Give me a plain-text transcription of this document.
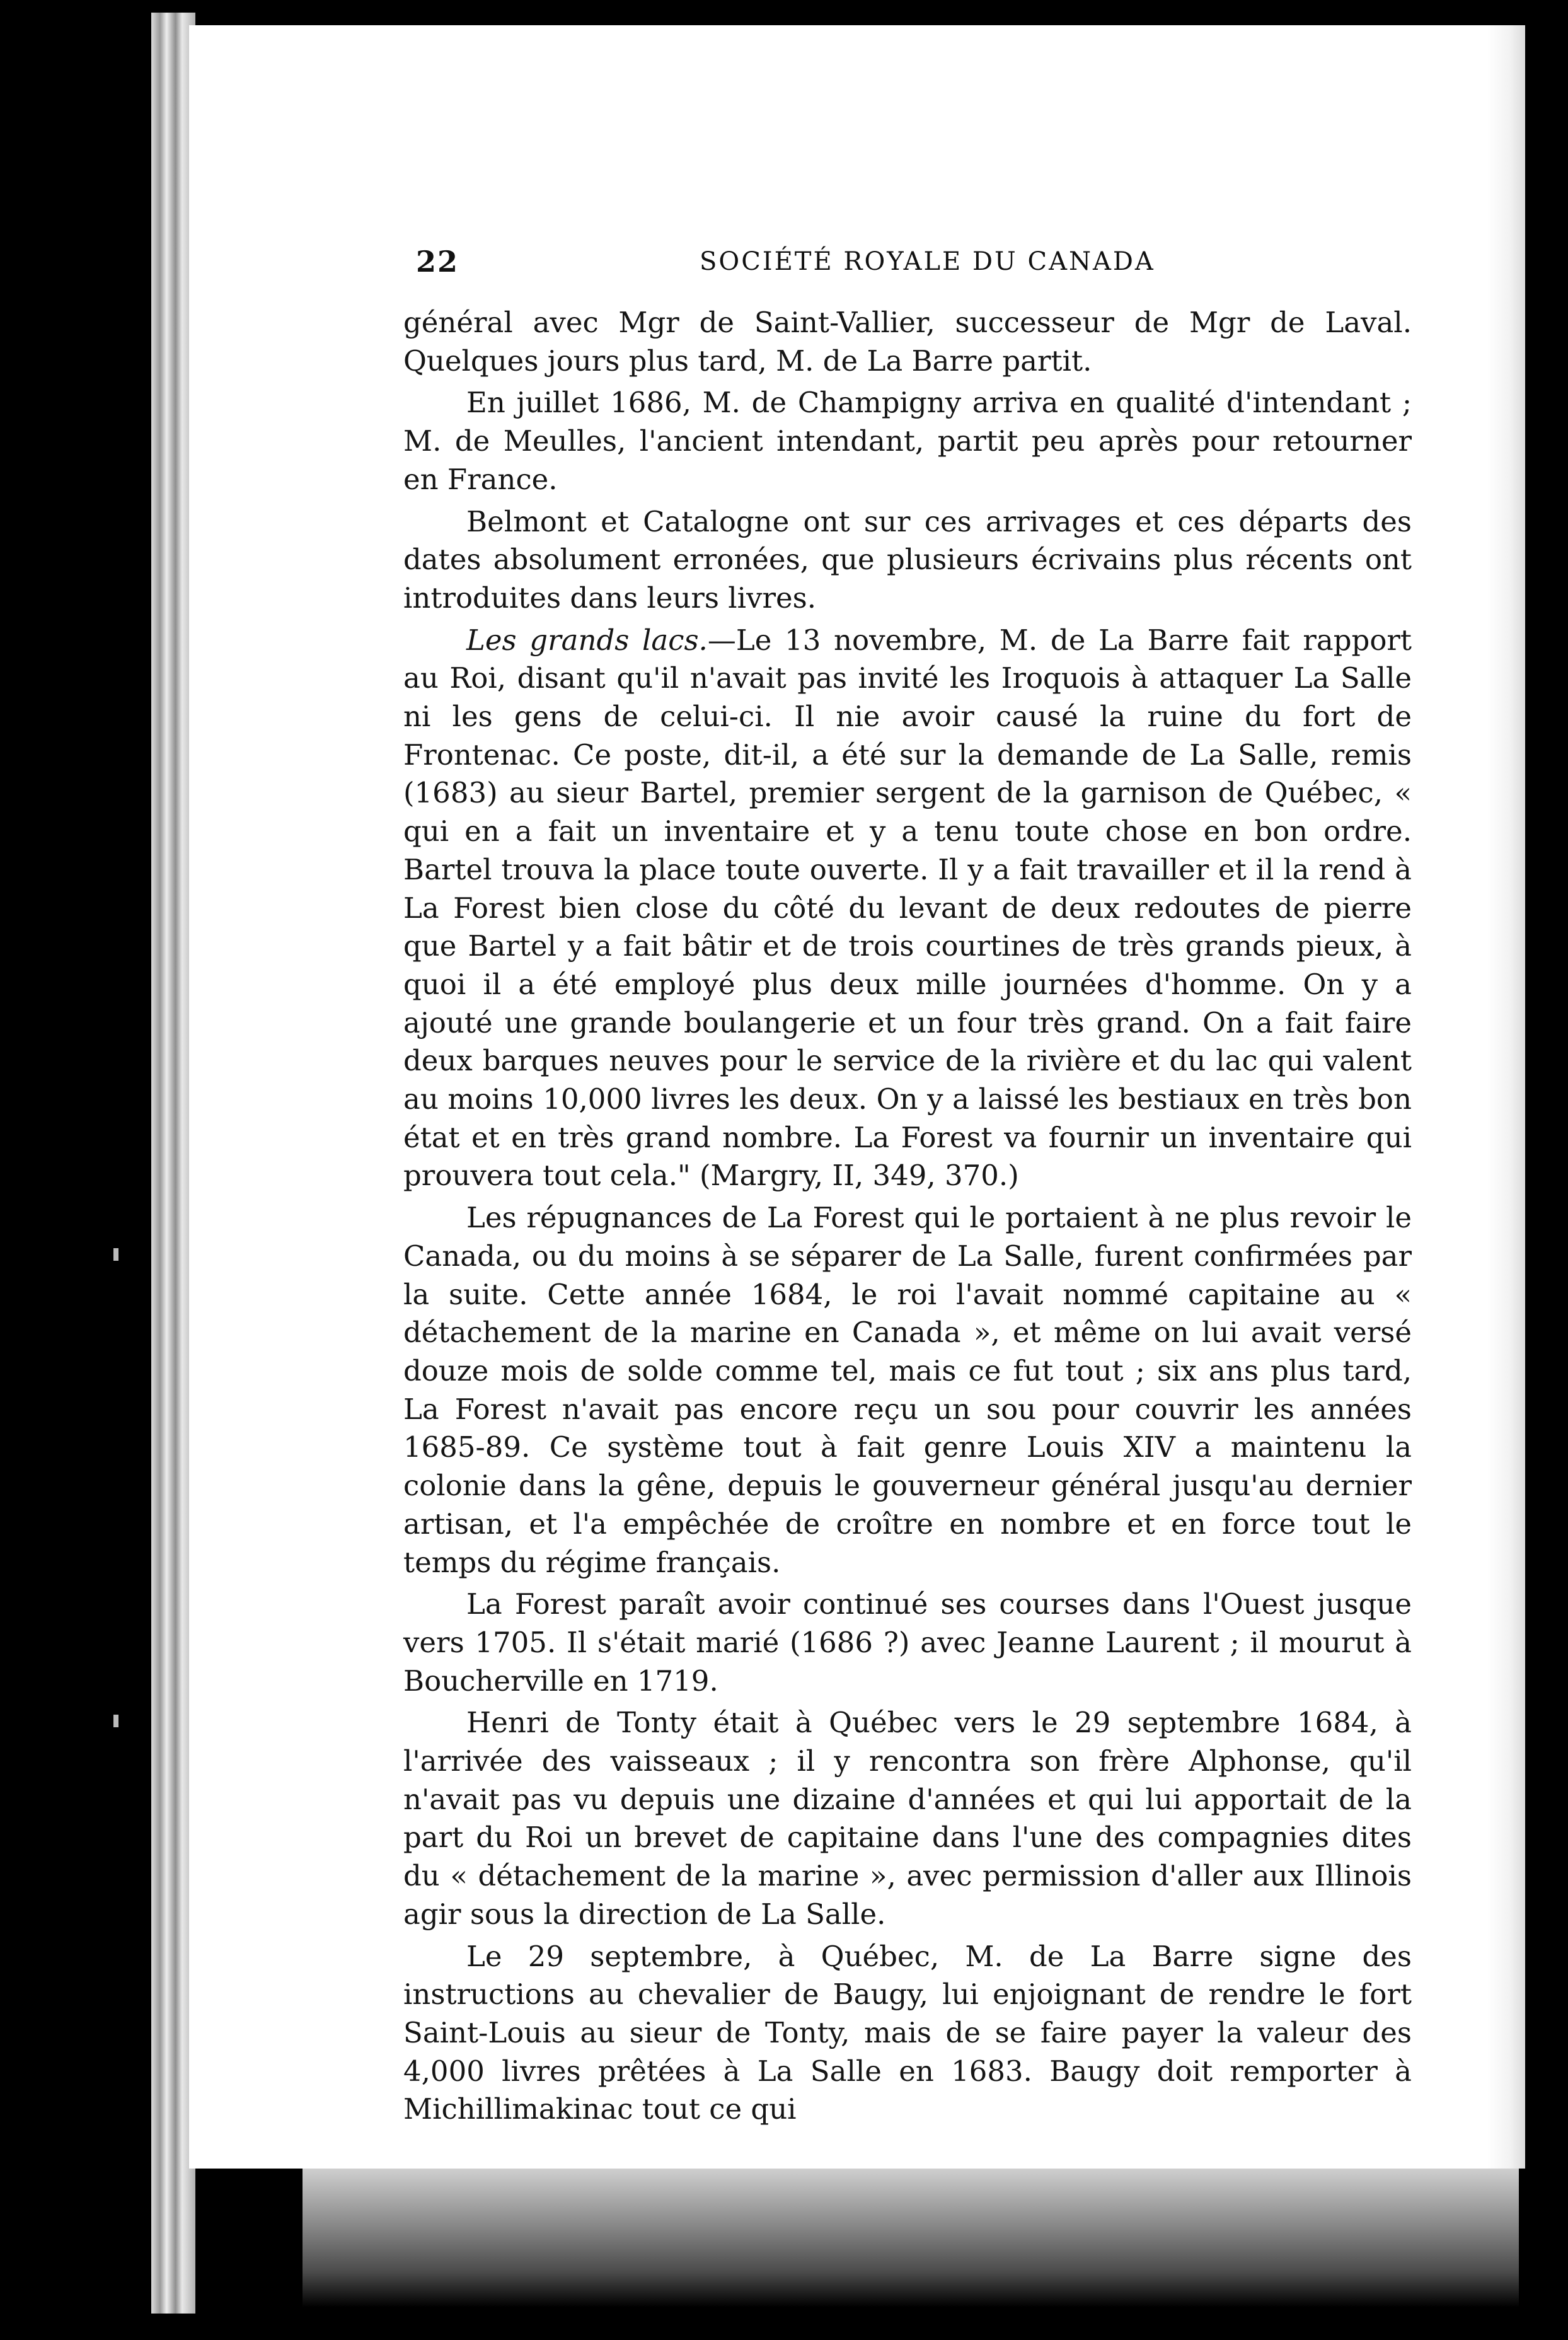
22	SOCIÉTÉ ROYALE DU CANADA

général avec Mgr de Saint-Vallier, successeur de Mgr de Laval. Quelques jours plus tard, M. de La Barre partit.

En juillet 1686, M. de Champigny arriva en qualité d'intendant ; M. de Meulles, l'ancient intendant, partit peu après pour retourner en France.

Belmont et Catalogne ont sur ces arrivages et ces départs des dates absolument erronées, que plusieurs écrivains plus récents ont introduites dans leurs livres.

Les grands lacs.—Le 13 novembre, M. de La Barre fait rapport au Roi, disant qu'il n'avait pas invité les Iroquois à attaquer La Salle ni les gens de celui-ci. Il nie avoir causé la ruine du fort de Frontenac. Ce poste, dit-il, a été sur la demande de La Salle, remis (1683) au sieur Bartel, premier sergent de la garnison de Québec, « qui en a fait un inventaire et y a tenu toute chose en bon ordre. Bartel trouva la place toute ouverte. Il y a fait travailler et il la rend à La Forest bien close du côté du levant de deux redoutes de pierre que Bartel y a fait bâtir et de trois courtines de très grands pieux, à quoi il a été employé plus deux mille journées d'homme. On y a ajouté une grande boulangerie et un four très grand. On a fait faire deux barques neuves pour le service de la rivière et du lac qui valent au moins 10,000 livres les deux. On y a laissé les bestiaux en très bon état et en très grand nombre. La Forest va fournir un inventaire qui prouvera tout cela." (Margry, II, 349, 370.)

Les répugnances de La Forest qui le portaient à ne plus revoir le Canada, ou du moins à se séparer de La Salle, furent confirmées par la suite. Cette année 1684, le roi l'avait nommé capitaine au « détachement de la marine en Canada », et même on lui avait versé douze mois de solde comme tel, mais ce fut tout ; six ans plus tard, La Forest n'avait pas encore reçu un sou pour couvrir les années 1685-89. Ce système tout à fait genre Louis XIV a maintenu la colonie dans la gêne, depuis le gouverneur général jusqu'au dernier artisan, et l'a empêchée de croître en nombre et en force tout le temps du régime français.

La Forest paraît avoir continué ses courses dans l'Ouest jusque vers 1705. Il s'était marié (1686 ?) avec Jeanne Laurent ; il mourut à Boucherville en 1719.

Henri de Tonty était à Québec vers le 29 septembre 1684, à l'arrivée des vaisseaux ; il y rencontra son frère Alphonse, qu'il n'avait pas vu depuis une dizaine d'années et qui lui apportait de la part du Roi un brevet de capitaine dans l'une des compagnies dites du « détachement de la marine », avec permission d'aller aux Illinois agir sous la direction de La Salle.

Le 29 septembre, à Québec, M. de La Barre signe des instructions au chevalier de Baugy, lui enjoignant de rendre le fort Saint-Louis au sieur de Tonty, mais de se faire payer la valeur des 4,000 livres prêtées à La Salle en 1683. Baugy doit remporter à Michillimakinac tout ce qui
